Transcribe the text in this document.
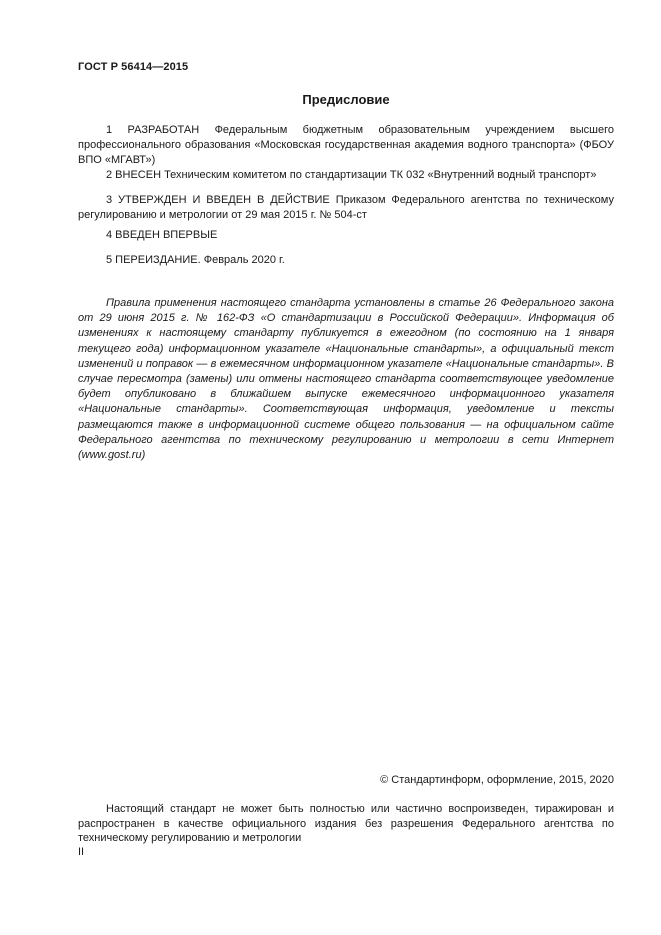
ГОСТ Р 56414—2015
Предисловие

1 РАЗРАБОТАН Федеральным бюджетным образовательным учреждением высшего профессионального образования «Московская государственная академия водного транспорта» (ФБОУ ВПО «МГАВТ»)

2 ВНЕСЕН Техническим комитетом по стандартизации ТК 032 «Внутренний водный транспорт»

3 УТВЕРЖДЕН И ВВЕДЕН В ДЕЙСТВИЕ Приказом Федерального агентства по техническому регулированию и метрологии от 29 мая 2015 г. № 504-ст

4 ВВЕДЕН ВПЕРВЫЕ

5 ПЕРЕИЗДАНИЕ. Февраль 2020 г.

Правила применения настоящего стандарта установлены в статье 26 Федерального закона от 29 июня 2015 г. № 162-ФЗ «О стандартизации в Российской Федерации». Информация об изменениях к настоящему стандарту публикуется в ежегодном (по состоянию на 1 января текущего года) информационном указателе «Национальные стандарты», а официальный текст изменений и поправок — в ежемесячном информационном указателе «Национальные стандарты». В случае пересмотра (замены) или отмены настоящего стандарта соответствующее уведомление будет опубликовано в ближайшем выпуске ежемесячного информационного указателя «Национальные стандарты». Соответствующая информация, уведомление и тексты размещаются также в информационной системе общего пользования — на официальном сайте Федерального агентства по техническому регулированию и метрологии в сети Интернет (www.gost.ru)

© Стандартинформ, оформление, 2015, 2020

Настоящий стандарт не может быть полностью или частично воспроизведен, тиражирован и распространен в качестве официального издания без разрешения Федерального агентства по техническому регулированию и метрологии

II
